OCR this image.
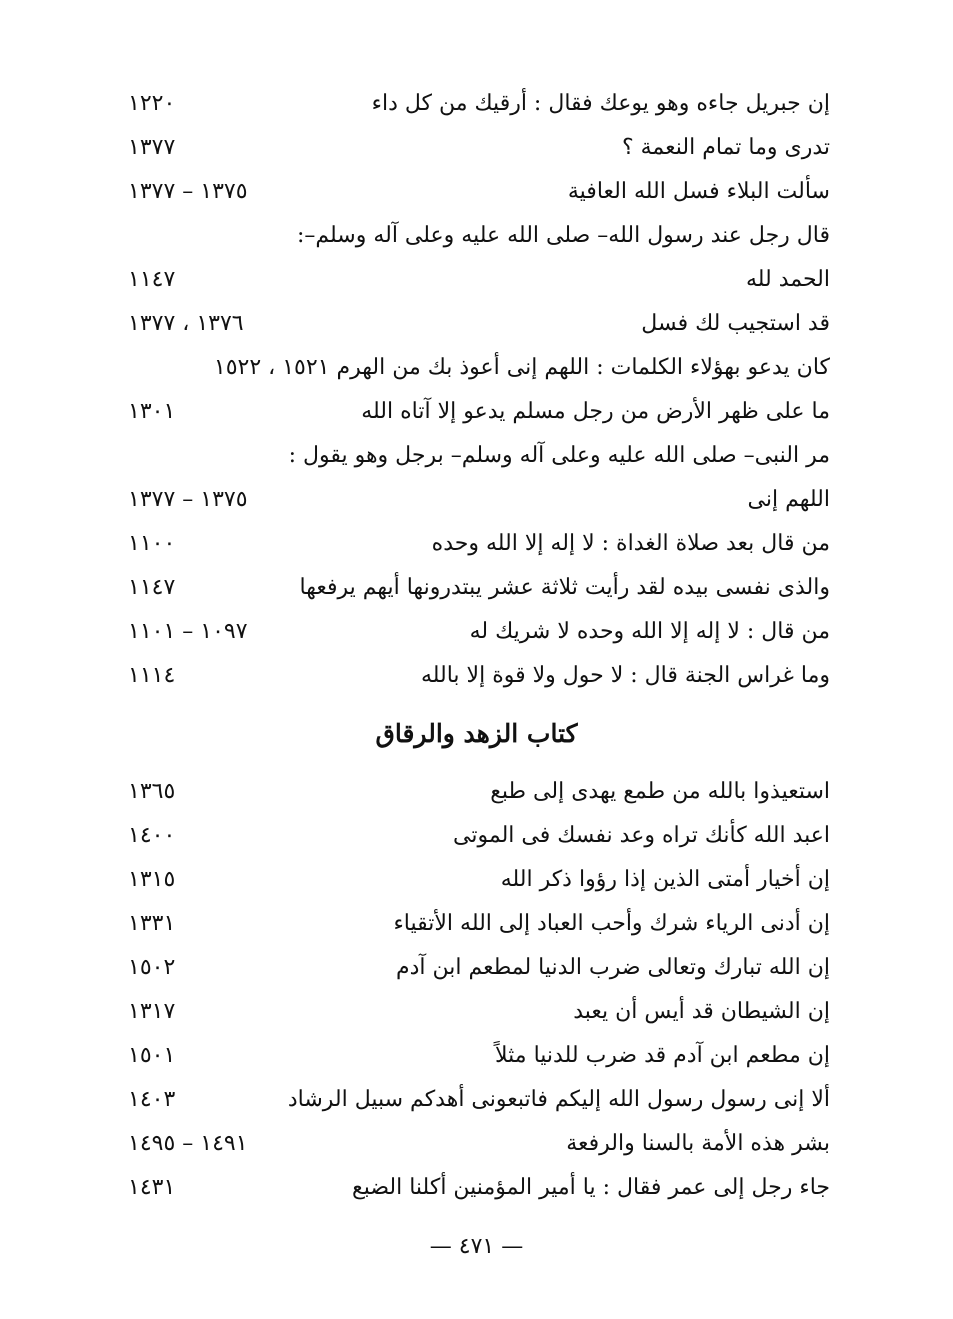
إن جبريل جاءه وهو يوعك فقال : أرقيك من كل داء
١٢٢٠
تدرى وما تمام النعمة ؟
١٣٧٧
سألت البلاء فسل الله العافية
١٣٧٥ – ١٣٧٧
قال رجل عند رسول الله– صلى الله عليه وعلى آله وسلم–:
الحمد لله
١١٤٧
قد استجيب لك فسل
١٣٧٦ ، ١٣٧٧
كان يدعو بهؤلاء الكلمات : اللهم إنى أعوذ بك من الهرم ١٥٢١ ، ١٥٢٢
ما على ظهر الأرض من رجل مسلم يدعو إلا آتاه الله
١٣٠١
مر النبى– صلى الله عليه وعلى آله وسلم– برجل وهو يقول :
اللهم إنى
١٣٧٥ – ١٣٧٧
من قال بعد صلاة الغداة : لا إله إلا الله وحده
١١٠٠
والذى نفسى بيده لقد رأيت ثلاثة عشر يبتدرونها أيهم يرفعها
١١٤٧
من قال : لا إله إلا الله وحده لا شريك له
١٠٩٧ – ١١٠١
وما غراس الجنة قال : لا حول ولا قوة إلا بالله
١١١٤
كتاب الزهد والرقاق
استعيذوا بالله من طمع يهدى إلى طبع
١٣٦٥
اعبد الله كأنك تراه وعد نفسك فى الموتى
١٤٠٠
إن أخيار أمتى الذين إذا رؤوا ذكر الله
١٣١٥
إن أدنى الرياء شرك وأحب العباد إلى الله الأتقياء
١٣٣١
إن الله تبارك وتعالى ضرب الدنيا لمطعم ابن آدم
١٥٠٢
إن الشيطان قد أيس أن يعبد
١٣١٧
إن مطعم ابن آدم قد ضرب للدنيا مثلاً
١٥٠١
ألا إنى رسول رسول الله إليكم فاتبعونى أهدكم سبيل الرشاد
١٤٠٣
بشر هذه الأمة بالسنا والرفعة
١٤٩١ – ١٤٩٥
جاء رجل إلى عمر فقال : يا أمير المؤمنين أكلنا الضبع
١٤٣١
— ٤٧١ —
